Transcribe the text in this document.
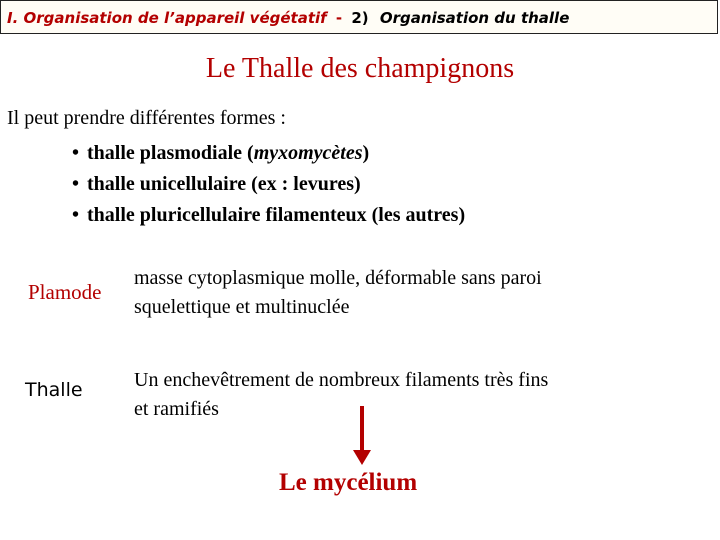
I. Organisation de l’appareil végétatif - 2) Organisation du thalle
Le Thalle des champignons
Il peut prendre différentes formes :
• thalle plasmodiale (myxomycètes)
• thalle unicellulaire (ex : levures)
• thalle pluricellulaire filamenteux (les autres)
Plamode
masse cytoplasmique molle, déformable sans paroi
squelettique et multinuclée
Thalle	Un enchevêtrement de nombreux filaments très fins
et ramifiés
Le mycélium
